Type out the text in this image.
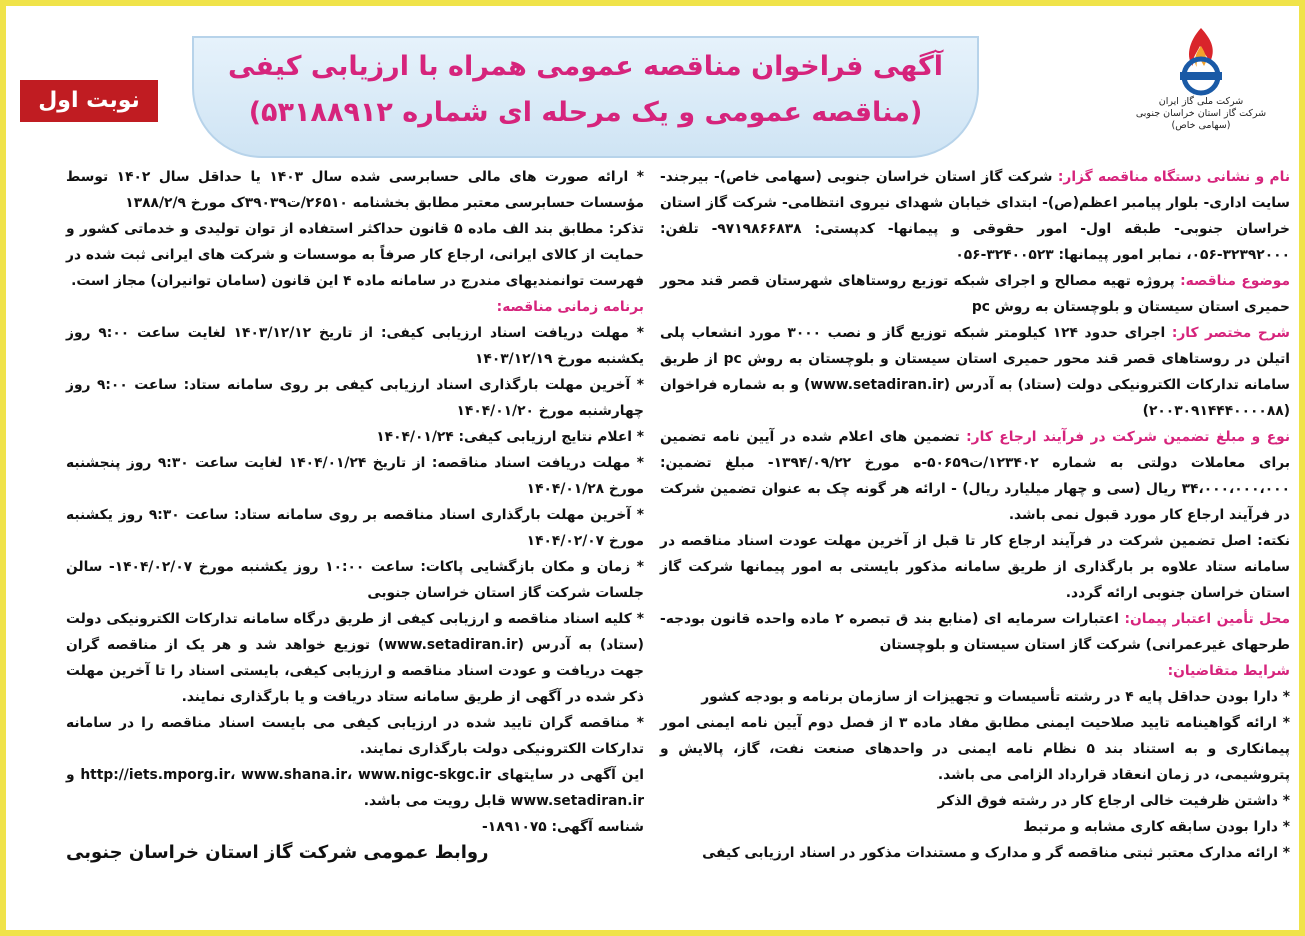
نوبت اول
آگهی فراخوان مناقصه عمومی همراه با ارزیابی کیفی
(مناقصه عمومی و یک مرحله ای شماره ۵۳۱۸۸۹۱۲)	شرکت ملی گاز ایران
شرکت گاز استان خراسان جنوبی
(سهامی خاص)

نام و نشانی دستگاه مناقصه گزار: شرکت گاز استان خراسان جنوبی (سهامی خاص)- بیرجند- سایت اداری- بلوار پیامبر اعظم(ص)- ابتدای خیابان شهدای نیروی انتظامی- شرکت گاز استان خراسان جنوبی- طبقه اول- امور حقوقی و پیمانها- کدپستی: ۹۷۱۹۸۶۶۸۳۸- تلفن: ۳۲۳۹۲۰۰۰-۰۵۶، نمابر امور پیمانها: ۳۲۴۰۰۵۲۳-۰۵۶

موضوع مناقصه: پروژه تهیه مصالح و اجرای شبکه توزیع روستاهای شهرستان قصر قند محور حمیری استان سیستان و بلوچستان به روش pc

شرح مختصر کار: اجرای حدود ۱۲۴ کیلومتر شبکه توزیع گاز و نصب ۳۰۰۰ مورد انشعاب پلی اتیلن در روستاهای قصر قند محور حمیری استان سیستان و بلوچستان به روش pc از طریق سامانه تدارکات الکترونیکی دولت (ستاد) به آدرس (www.setadiran.ir) و به شماره فراخوان (۲۰۰۳۰۹۱۴۴۴۰۰۰۰۸۸)

نوع و مبلغ تضمین شرکت در فرآیند ارجاع کار: تضمین های اعلام شده در آیین نامه تضمین برای معاملات دولتی به شماره ۱۲۳۴۰۲/ت۵۰۶۵۹-ه مورخ ۱۳۹۴/۰۹/۲۲- مبلغ تضمین: ۳۴،۰۰۰،۰۰۰،۰۰۰ ریال (سی و چهار میلیارد ریال) - ارائه هر گونه چک به عنوان تضمین شرکت در فرآیند ارجاع کار مورد قبول نمی باشد.

نکته: اصل تضمین شرکت در فرآیند ارجاع کار تا قبل از آخرین مهلت عودت اسناد مناقصه در سامانه ستاد علاوه بر بارگذاری از طریق سامانه مذکور بایستی به امور پیمانها شرکت گاز استان خراسان جنوبی ارائه گردد.

محل تأمین اعتبار پیمان: اعتبارات سرمایه ای (منابع بند ق تبصره ۲ ماده واحده قانون بودجه- طرحهای غیرعمرانی) شرکت گاز استان سیستان و بلوچستان

شرایط متقاضیان:

* دارا بودن حداقل پایه ۴ در رشته تأسیسات و تجهیزات از سازمان برنامه و بودجه کشور

* ارائه گواهینامه تایید صلاحیت ایمنی مطابق مفاد ماده ۳ از فصل دوم آیین نامه ایمنی امور پیمانکاری و به استناد بند ۵ نظام نامه ایمنی در واحدهای صنعت نفت، گاز، پالایش و پتروشیمی، در زمان انعقاد قرارداد الزامی می باشد.

* داشتن ظرفیت خالی ارجاع کار در رشته فوق الذکر

* دارا بودن سابقه کاری مشابه و مرتبط

* ارائه مدارک معتبر ثبتی مناقصه گر و مدارک و مستندات مذکور در اسناد ارزیابی کیفی

* ارائه صورت های مالی حسابرسی شده سال ۱۴۰۳ یا حداقل سال ۱۴۰۲ توسط مؤسسات حسابرسی معتبر مطابق بخشنامه ۲۶۵۱۰/ت۳۹۰۳۹ک مورخ ۱۳۸۸/۲/۹

تذکر: مطابق بند الف ماده ۵ قانون حداکثر استفاده از توان تولیدی و خدماتی کشور و حمایت از کالای ایرانی، ارجاع کار صرفاً به موسسات و شرکت های ایرانی ثبت شده در فهرست توانمندیهای مندرج در سامانه ماده ۴ این قانون (سامان توانیران) مجاز است.

برنامه زمانی مناقصه:

* مهلت دریافت اسناد ارزیابی کیفی: از تاریخ ۱۴۰۳/۱۲/۱۲ لغایت ساعت ۹:۰۰ روز یکشنبه مورخ ۱۴۰۳/۱۲/۱۹

* آخرین مهلت بارگذاری اسناد ارزیابی کیفی بر روی سامانه ستاد: ساعت ۹:۰۰ روز چهارشنبه مورخ ۱۴۰۴/۰۱/۲۰

* اعلام نتایج ارزیابی کیفی: ۱۴۰۴/۰۱/۲۴

* مهلت دریافت اسناد مناقصه: از تاریخ ۱۴۰۴/۰۱/۲۴ لغایت ساعت ۹:۳۰ روز پنجشنبه مورخ ۱۴۰۴/۰۱/۲۸

* آخرین مهلت بارگذاری اسناد مناقصه بر روی سامانه ستاد: ساعت ۹:۳۰ روز یکشنبه مورخ ۱۴۰۴/۰۲/۰۷

* زمان و مکان بازگشایی پاکات: ساعت ۱۰:۰۰ روز یکشنبه مورخ ۱۴۰۴/۰۲/۰۷- سالن جلسات شرکت گاز استان خراسان جنوبی

* کلیه اسناد مناقصه و ارزیابی کیفی از طریق درگاه سامانه تدارکات الکترونیکی دولت (ستاد) به آدرس (www.setadiran.ir) توزیع خواهد شد و هر یک از مناقصه گران جهت دریافت و عودت اسناد مناقصه و ارزیابی کیفی، بایستی اسناد را تا آخرین مهلت ذکر شده در آگهی از طریق سامانه ستاد دریافت و یا بارگذاری نمایند.

* مناقصه گران تایید شده در ارزیابی کیفی می بایست اسناد مناقصه را در سامانه تدارکات الکترونیکی دولت بارگذاری نمایند.

این آگهی در سایتهای http://iets.mporg.ir، www.shana.ir، www.nigc-skgc.ir و www.setadiran.ir قابل رویت می باشد.

شناسه آگهی: ۱۸۹۱۰۷۵-

روابط عمومی شرکت گاز استان خراسان جنوبی
